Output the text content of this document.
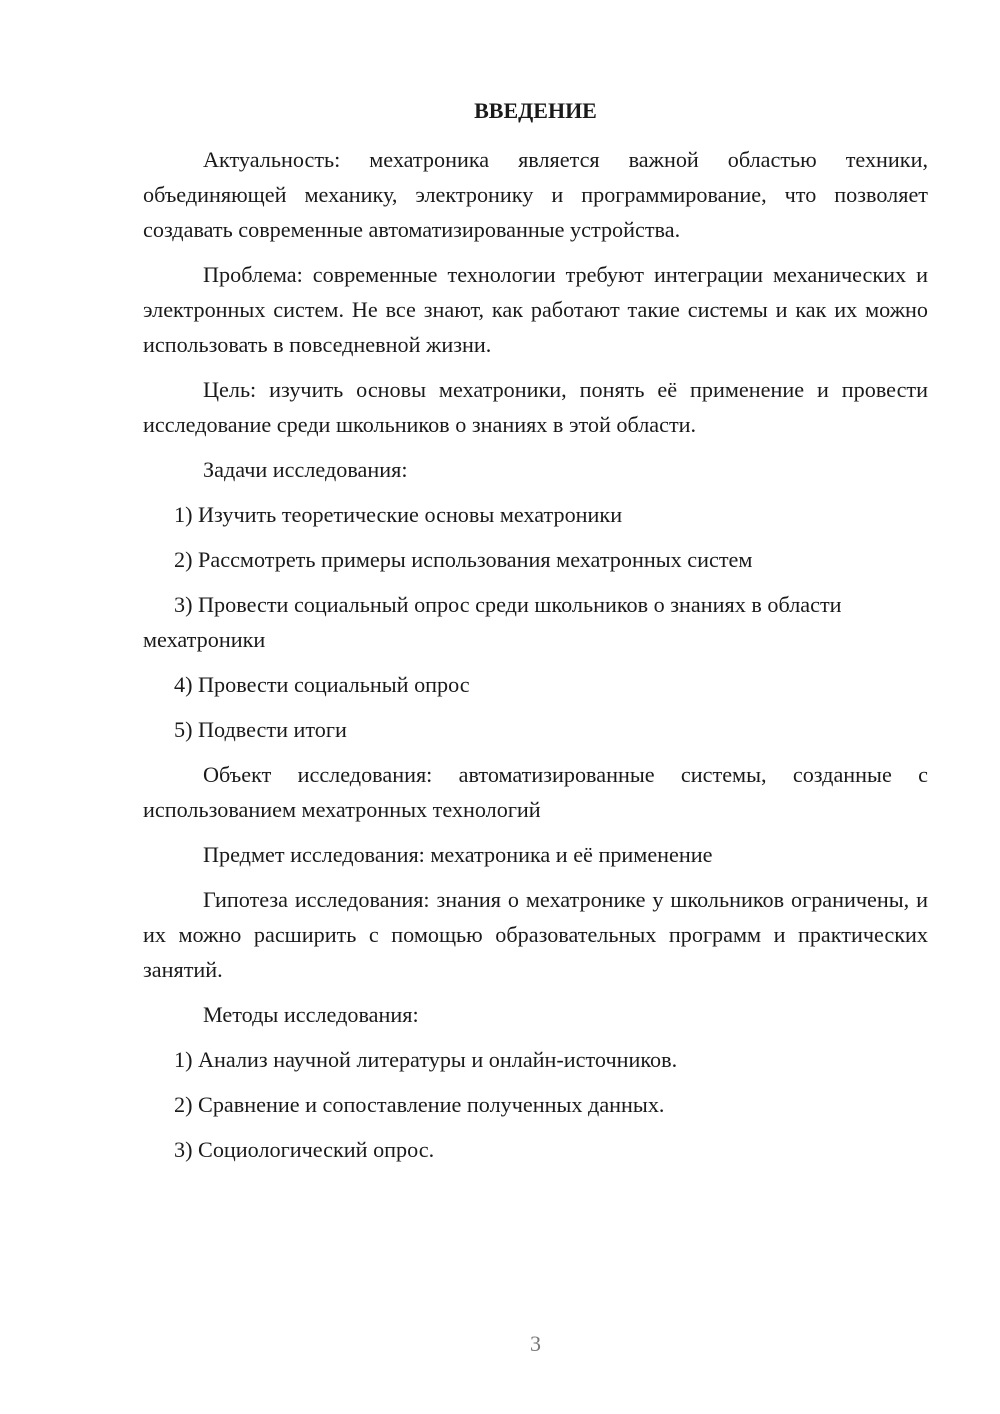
ВВЕДЕНИЕ

Актуальность: мехатроника является важной областью техники, объединяющей механику, электронику и программирование, что позволяет создавать современные автоматизированные устройства.

Проблема: современные технологии требуют интеграции механических и электронных систем. Не все знают, как работают такие системы и как их можно использовать в повседневной жизни.

Цель: изучить основы мехатроники, понять её применение и провести исследование среди школьников о знаниях в этой области.

Задачи исследования:

1) Изучить теоретические основы мехатроники

2) Рассмотреть примеры использования мехатронных систем

3) Провести социальный опрос среди школьников о знаниях в области мехатроники

4) Провести социальный опрос

5) Подвести итоги

Объект исследования: автоматизированные системы, созданные с использованием мехатронных технологий

Предмет исследования: мехатроника и её применение

Гипотеза исследования: знания о мехатронике у школьников ограничены, и их можно расширить с помощью образовательных программ и практических занятий.

Методы исследования:

1) Анализ научной литературы и онлайн-источников.

2) Сравнение и сопоставление полученных данных.

3) Социологический опрос.

3
